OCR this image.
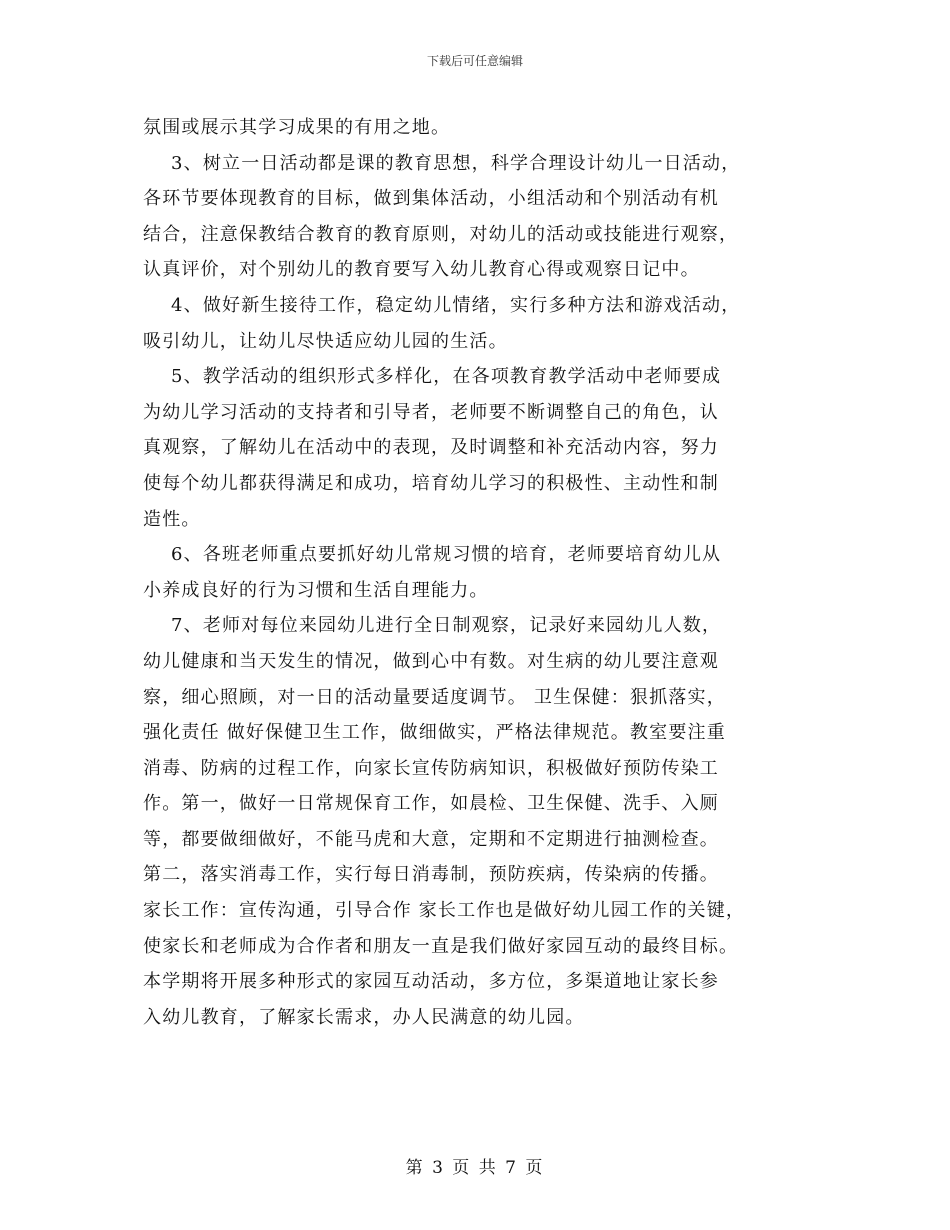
下载后可任意编辑
氛围或展示其学习成果的有用之地。
3、树立一日活动都是课的教育思想，科学合理设计幼儿一日活动，
各环节要体现教育的目标，做到集体活动，小组活动和个别活动有机
结合，注意保教结合教育的教育原则，对幼儿的活动或技能进行观察，
认真评价，对个别幼儿的教育要写入幼儿教育心得或观察日记中。
4、做好新生接待工作，稳定幼儿情绪，实行多种方法和游戏活动，
吸引幼儿，让幼儿尽快适应幼儿园的生活。
5、教学活动的组织形式多样化，在各项教育教学活动中老师要成
为幼儿学习活动的支持者和引导者，老师要不断调整自己的角色，认
真观察，了解幼儿在活动中的表现，及时调整和补充活动内容，努力
使每个幼儿都获得满足和成功，培育幼儿学习的积极性、主动性和制
造性。
6、各班老师重点要抓好幼儿常规习惯的培育，老师要培育幼儿从
小养成良好的行为习惯和生活自理能力。
7、老师对每位来园幼儿进行全日制观察，记录好来园幼儿人数，
幼儿健康和当天发生的情况，做到心中有数。对生病的幼儿要注意观
察，细心照顾，对一日的活动量要适度调节。 卫生保健：狠抓落实，
强化责任 做好保健卫生工作，做细做实，严格法律规范。教室要注重
消毒、防病的过程工作，向家长宣传防病知识，积极做好预防传染工
作。第一，做好一日常规保育工作，如晨检、卫生保健、洗手、入厕
等，都要做细做好，不能马虎和大意，定期和不定期进行抽测检查。
第二，落实消毒工作，实行每日消毒制，预防疾病，传染病的传播。
家长工作：宣传沟通，引导合作 家长工作也是做好幼儿园工作的关键，
使家长和老师成为合作者和朋友一直是我们做好家园互动的最终目标。
本学期将开展多种形式的家园互动活动，多方位，多渠道地让家长参
入幼儿教育，了解家长需求，办人民满意的幼儿园。
第 3 页 共 7 页
